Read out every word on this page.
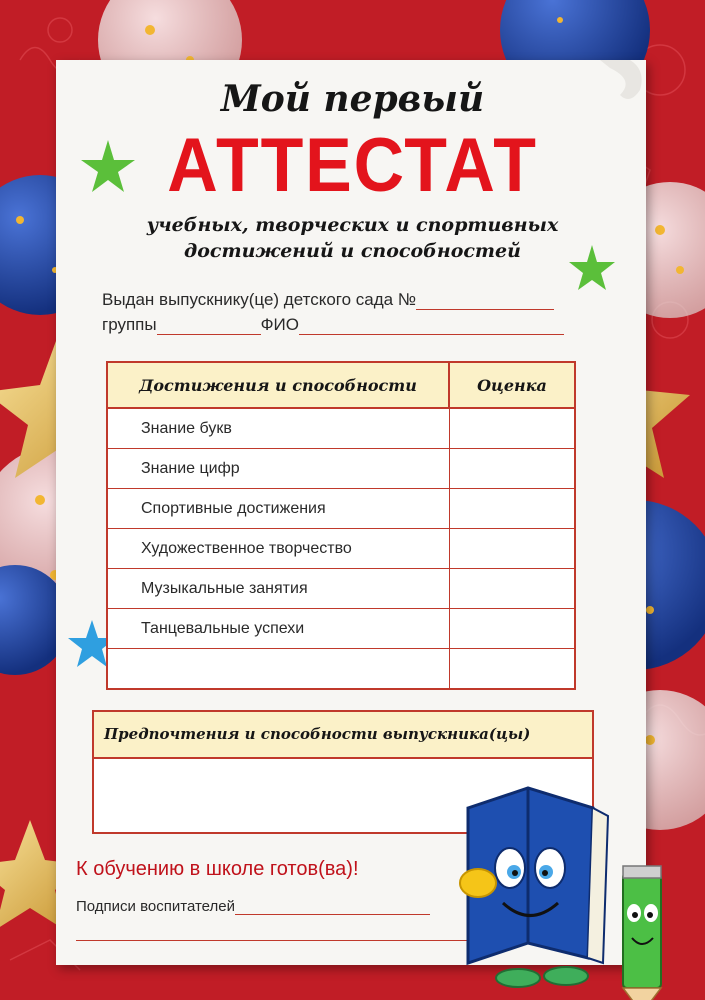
Мой первый
АТТЕСТАТ
учебных, творческих и спортивных
достижений и способностей
Выдан выпускнику(це) детского сада №
группы	ФИО
Достижения и способности	Оценка
Знание букв	
Знание цифр	
Спортивные достижения	
Художественное творчество	
Музыкальные занятия	
Танцевальные успехи	

Предпочтения и способности выпускника(цы)
К обучению в школе готов(ва)!
Подписи воспитателей
